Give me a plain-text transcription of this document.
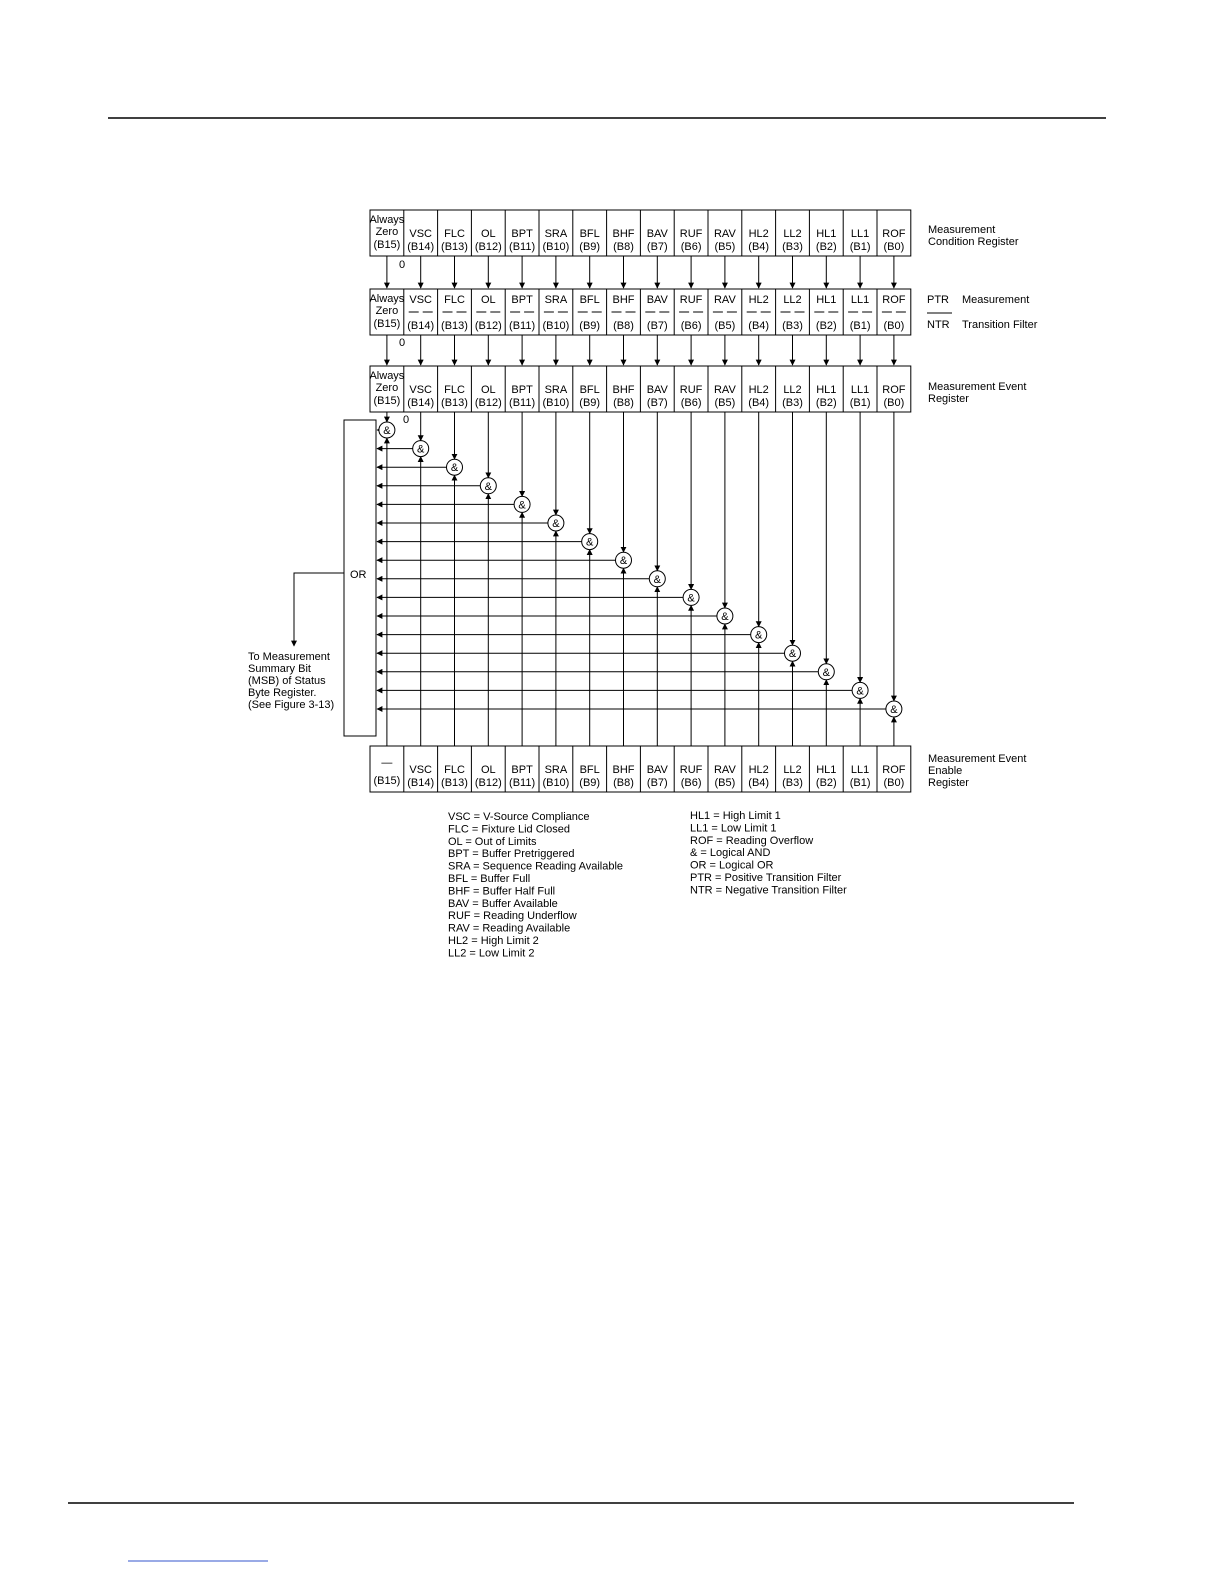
Always
Zero
(B15)
VSC
(B14)
FLC
(B13)
OL
(B12)
BPT
(B11)
SRA
(B10)
BFL
(B9)
BHF
(B8)
BAV
(B7)
RUF
(B6)
RAV
(B5)
HL2
(B4)
LL2
(B3)
HL1
(B2)
LL1
(B1)
ROF
(B0)
Always
Zero
(B15)
VSC
(B14)
FLC
(B13)
OL
(B12)
BPT
(B11)
SRA
(B10)
BFL
(B9)
BHF
(B8)
BAV
(B7)
RUF
(B6)
RAV
(B5)
HL2
(B4)
LL2
(B3)
HL1
(B2)
LL1
(B1)
ROF
(B0)
Always
Zero
(B15)
VSC
(B14)
FLC
(B13)
OL
(B12)
BPT
(B11)
SRA
(B10)
BFL
(B9)
BHF
(B8)
BAV
(B7)
RUF
(B6)
RAV
(B5)
HL2
(B4)
LL2
(B3)
HL1
(B2)
LL1
(B1)
ROF
(B0)
—
(B15)
VSC
(B14)
FLC
(B13)
OL
(B12)
BPT
(B11)
SRA
(B10)
BFL
(B9)
BHF
(B8)
BAV
(B7)
RUF
(B6)
RAV
(B5)
HL2
(B4)
LL2
(B3)
HL1
(B2)
LL1
(B1)
ROF
(B0)
&
&
&
&
&
&
&
&
&
&
&
&
&
&
&
&
OR
To Measurement
Summary Bit
(MSB) of Status
Byte Register.
(See Figure 3-13)
Measurement
Condition Register
PTR
NTR
Measurement
Transition Filter
Measurement Event
Register
Measurement Event
Enable
Register
0
0
0
VSC = V-Source Compliance
FLC = Fixture Lid Closed
OL = Out of Limits
BPT = Buffer Pretriggered
SRA = Sequence Reading Available
BFL = Buffer Full
BHF = Buffer Half Full
BAV = Buffer Available
RUF = Reading Underflow
RAV = Reading Available
HL2 = High Limit 2
LL2 = Low Limit 2
HL1 = High Limit 1
LL1 = Low Limit 1
ROF = Reading Overflow
& = Logical AND
OR = Logical OR
PTR = Positive Transition Filter
NTR = Negative Transition Filter
